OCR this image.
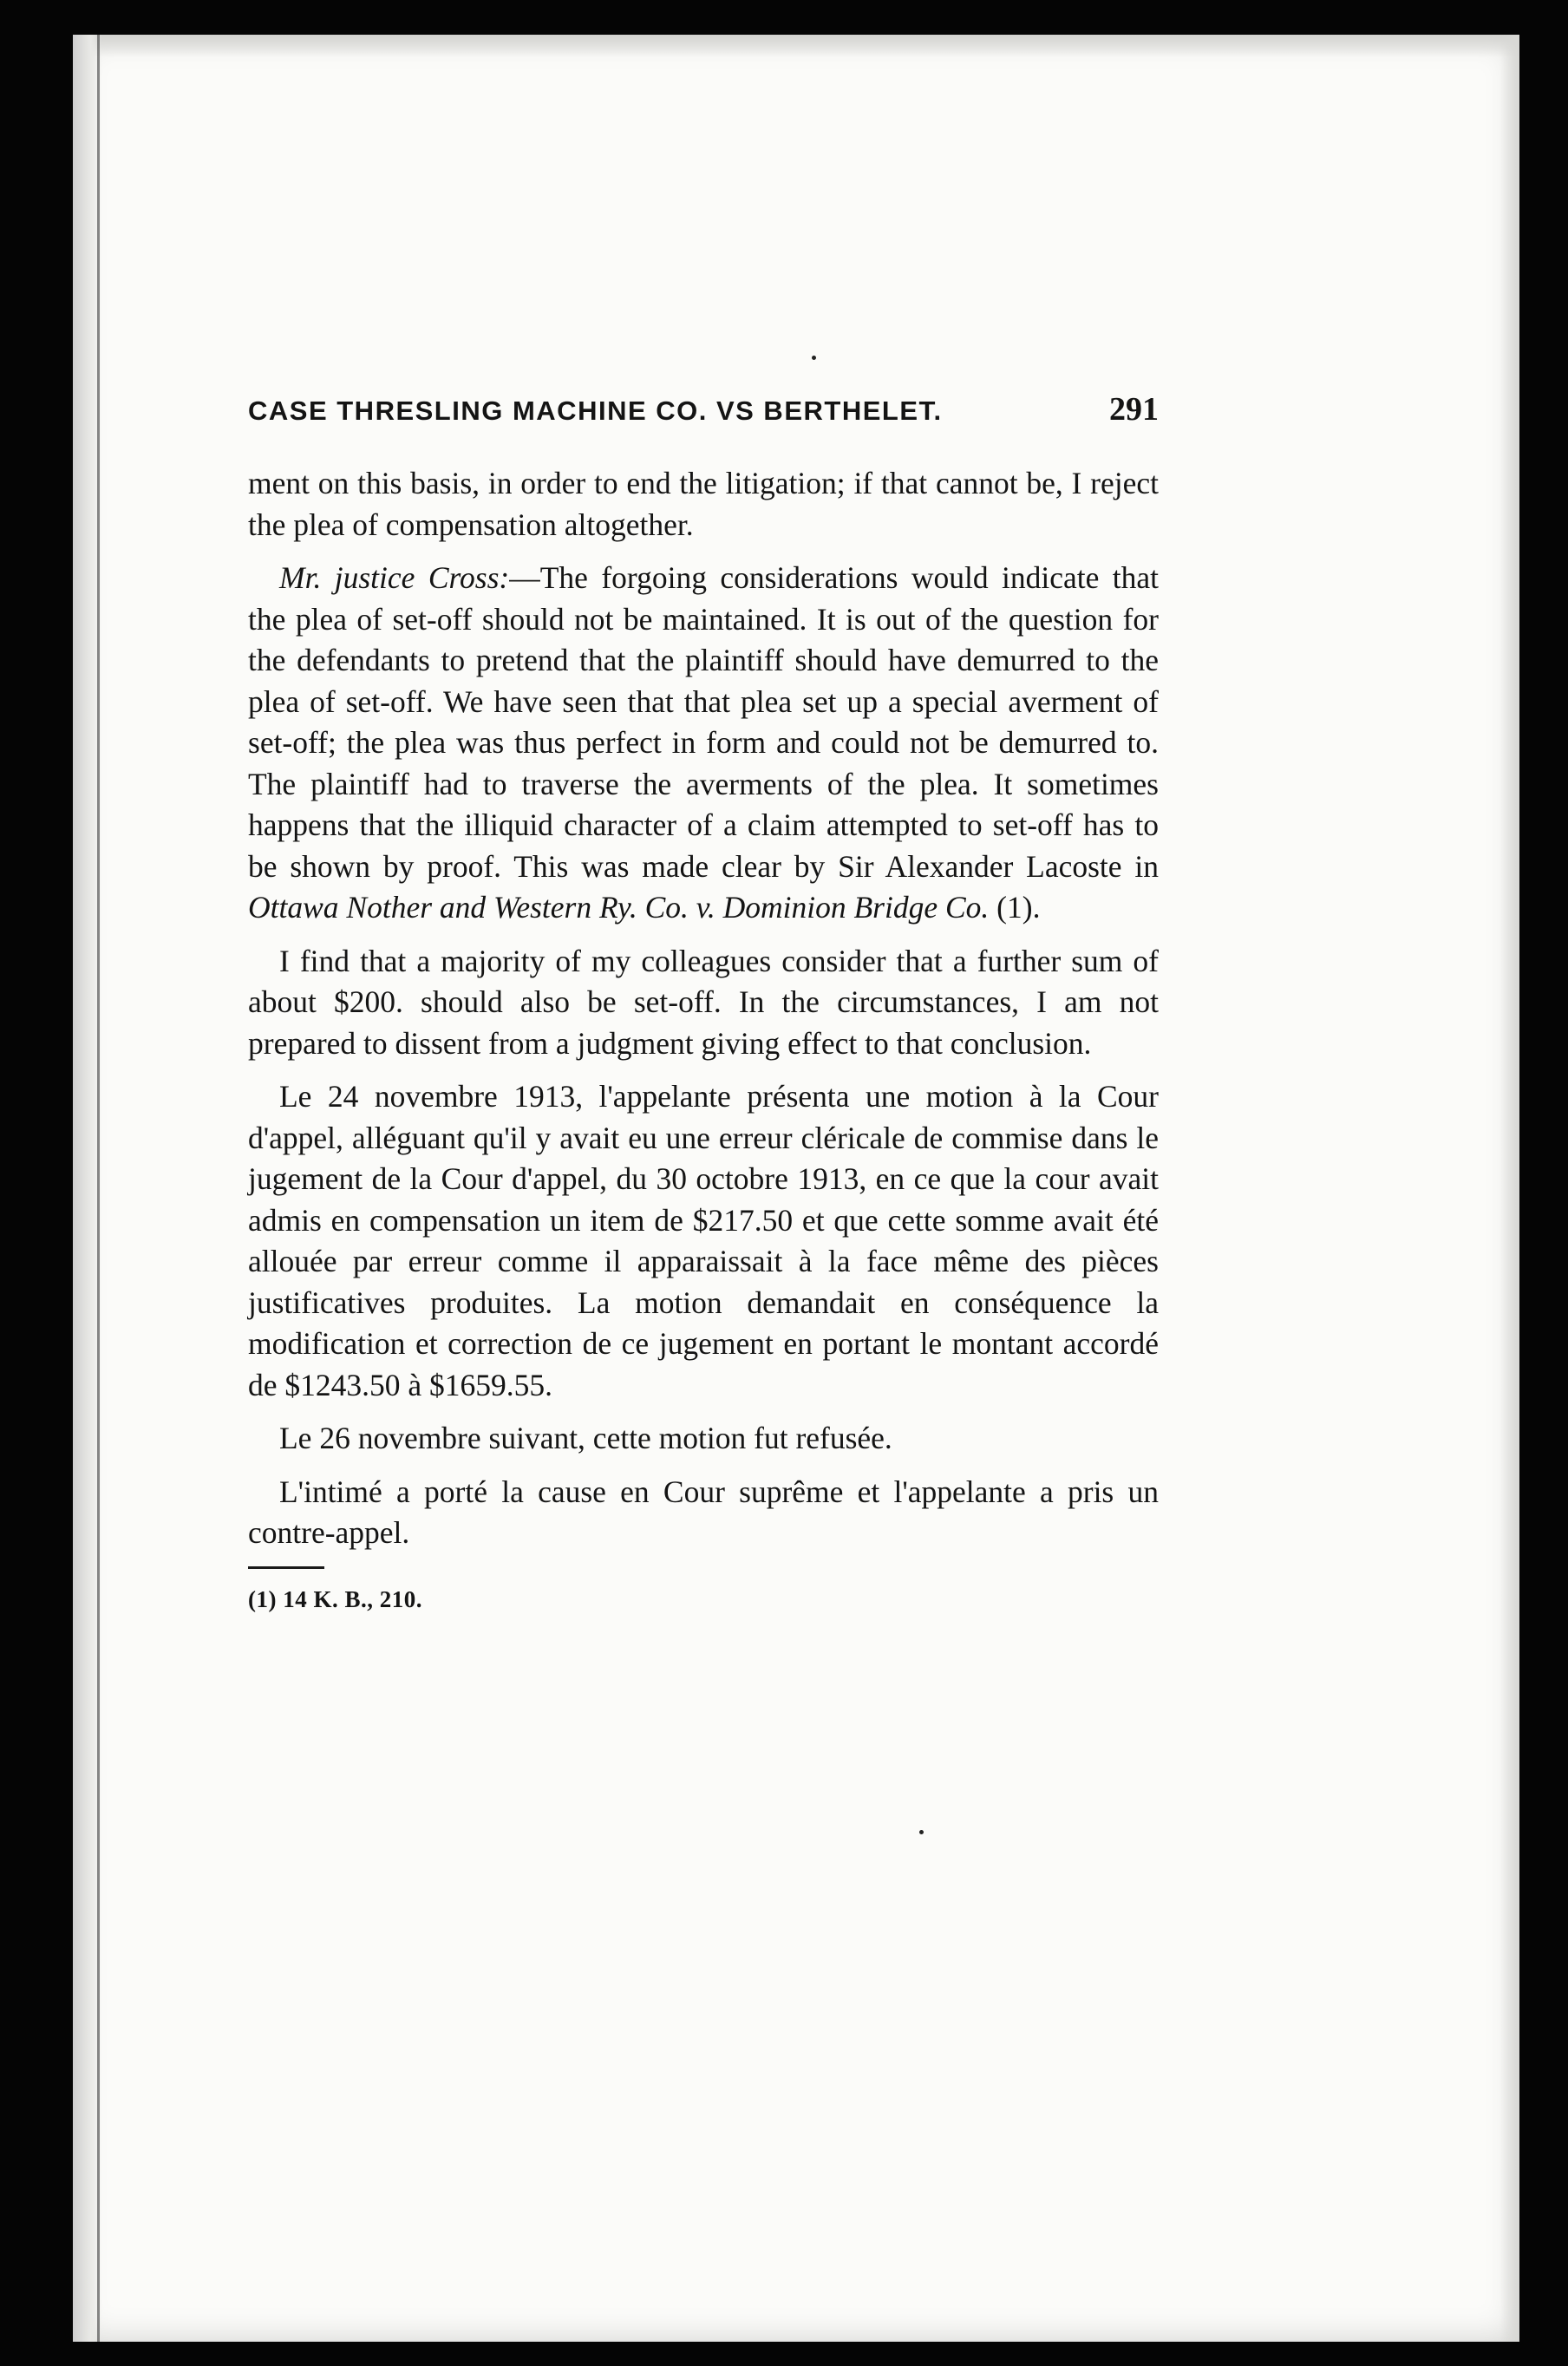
CASE THRESLING MACHINE CO. VS BERTHELET.	291

ment on this basis, in order to end the litigation; if that cannot be, I reject the plea of compensation altogether.

Mr. justice Cross:—The forgoing considerations would indicate that the plea of set-off should not be maintained. It is out of the question for the defendants to pretend that the plaintiff should have demurred to the plea of set-off. We have seen that that plea set up a special averment of set-off; the plea was thus perfect in form and could not be demurred to. The plaintiff had to traverse the averments of the plea. It sometimes happens that the illiquid character of a claim attempted to set-off has to be shown by proof. This was made clear by Sir Alexander Lacoste in Ottawa Nother and Western Ry. Co. v. Dominion Bridge Co. (1).

I find that a majority of my colleagues consider that a further sum of about $200. should also be set-off. In the circumstances, I am not prepared to dissent from a judgment giving effect to that conclusion.

Le 24 novembre 1913, l'appelante présenta une motion à la Cour d'appel, alléguant qu'il y avait eu une erreur cléricale de commise dans le jugement de la Cour d'appel, du 30 octobre 1913, en ce que la cour avait admis en compensation un item de $217.50 et que cette somme avait été allouée par erreur comme il apparaissait à la face même des pièces justificatives produites. La motion demandait en conséquence la modification et correction de ce jugement en portant le montant accordé de $1243.50 à $1659.55.

Le 26 novembre suivant, cette motion fut refusée.

L'intimé a porté la cause en Cour suprême et l'appelante a pris un contre-appel.

(1) 14 K. B., 210.
